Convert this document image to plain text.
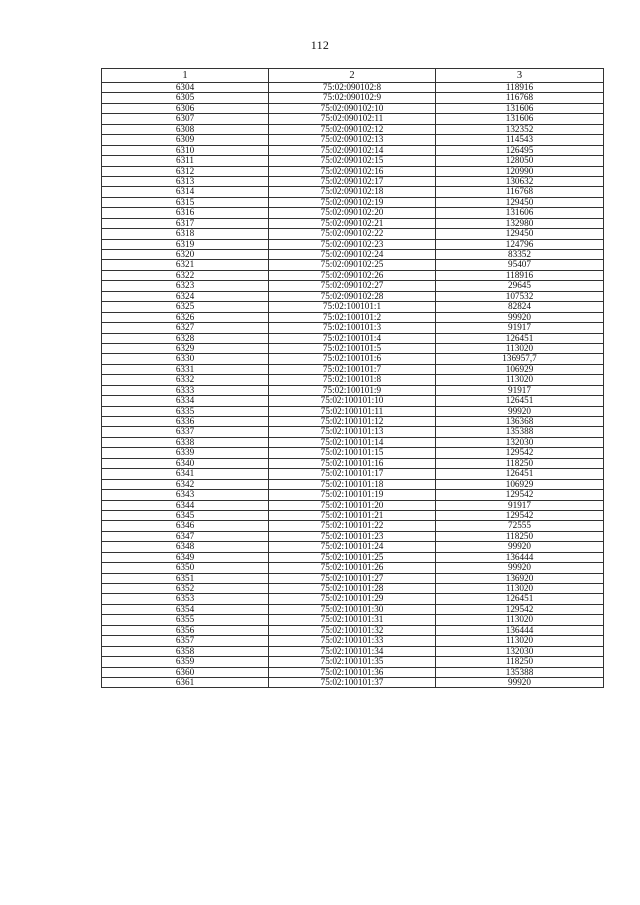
112
1	2	3
6304	75:02:090102:8	118916
6305	75:02:090102:9	116768
6306	75:02:090102:10	131606
6307	75:02:090102:11	131606
6308	75:02:090102:12	132352
6309	75:02:090102:13	114543
6310	75:02:090102:14	126495
6311	75:02:090102:15	128050
6312	75:02:090102:16	120990
6313	75:02:090102:17	130632
6314	75:02:090102:18	116768
6315	75:02:090102:19	129450
6316	75:02:090102:20	131606
6317	75:02:090102:21	132980
6318	75:02:090102:22	129450
6319	75:02:090102:23	124796
6320	75:02:090102:24	83352
6321	75:02:090102:25	95407
6322	75:02:090102:26	118916
6323	75:02:090102:27	29645
6324	75:02:090102:28	107532
6325	75:02:100101:1	82824
6326	75:02:100101:2	99920
6327	75:02:100101:3	91917
6328	75:02:100101:4	126451
6329	75:02:100101:5	113020
6330	75:02:100101:6	136957,7
6331	75:02:100101:7	106929
6332	75:02:100101:8	113020
6333	75:02:100101:9	91917
6334	75:02:100101:10	126451
6335	75:02:100101:11	99920
6336	75:02:100101:12	136368
6337	75:02:100101:13	135388
6338	75:02:100101:14	132030
6339	75:02:100101:15	129542
6340	75:02:100101:16	118250
6341	75:02:100101:17	126451
6342	75:02:100101:18	106929
6343	75:02:100101:19	129542
6344	75:02:100101:20	91917
6345	75:02:100101:21	129542
6346	75:02:100101:22	72555
6347	75:02:100101:23	118250
6348	75:02:100101:24	99920
6349	75:02:100101:25	136444
6350	75:02:100101:26	99920
6351	75:02:100101:27	136920
6352	75:02:100101:28	113020
6353	75:02:100101:29	126451
6354	75:02:100101:30	129542
6355	75:02:100101:31	113020
6356	75:02:100101:32	136444
6357	75:02:100101:33	113020
6358	75:02:100101:34	132030
6359	75:02:100101:35	118250
6360	75:02:100101:36	135388
6361	75:02:100101:37	99920
